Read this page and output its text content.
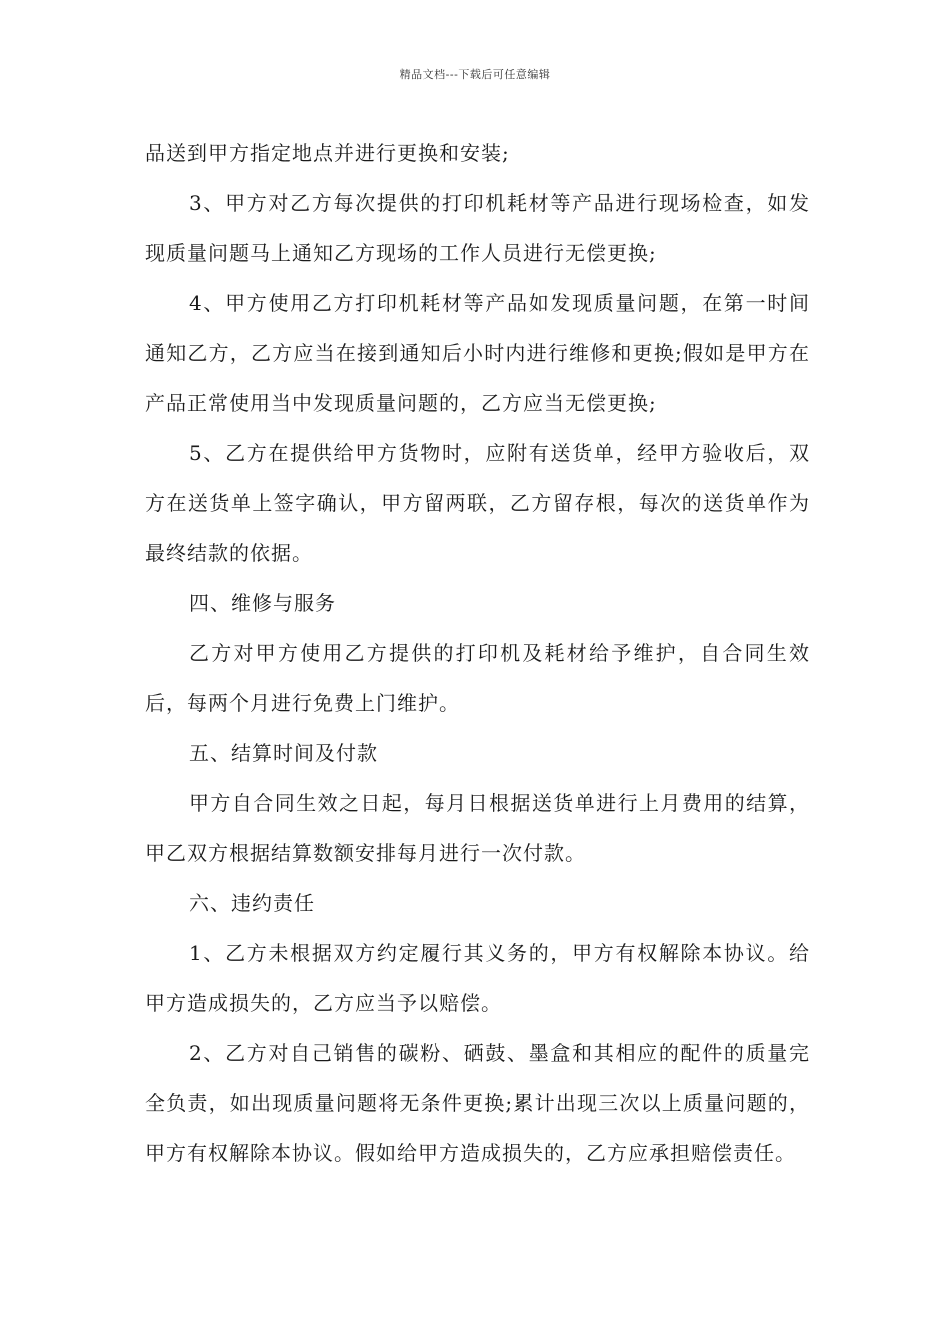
精品文档---下载后可任意编辑

品送到甲方指定地点并进行更换和安装;

3、甲方对乙方每次提供的打印机耗材等产品进行现场检查，如发现质量问题马上通知乙方现场的工作人员进行无偿更换;

4、甲方使用乙方打印机耗材等产品如发现质量问题，在第一时间通知乙方，乙方应当在接到通知后小时内进行维修和更换;假如是甲方在产品正常使用当中发现质量问题的，乙方应当无偿更换;

5、乙方在提供给甲方货物时，应附有送货单，经甲方验收后，双方在送货单上签字确认，甲方留两联，乙方留存根，每次的送货单作为最终结款的依据。

四、维修与服务

乙方对甲方使用乙方提供的打印机及耗材给予维护，自合同生效后，每两个月进行免费上门维护。

五、结算时间及付款

甲方自合同生效之日起，每月日根据送货单进行上月费用的结算，甲乙双方根据结算数额安排每月进行一次付款。

六、违约责任

1、乙方未根据双方约定履行其义务的，甲方有权解除本协议。给甲方造成损失的，乙方应当予以赔偿。

2、乙方对自己销售的碳粉、硒鼓、墨盒和其相应的配件的质量完全负责，如出现质量问题将无条件更换;累计出现三次以上质量问题的，甲方有权解除本协议。假如给甲方造成损失的，乙方应承担赔偿责任。
